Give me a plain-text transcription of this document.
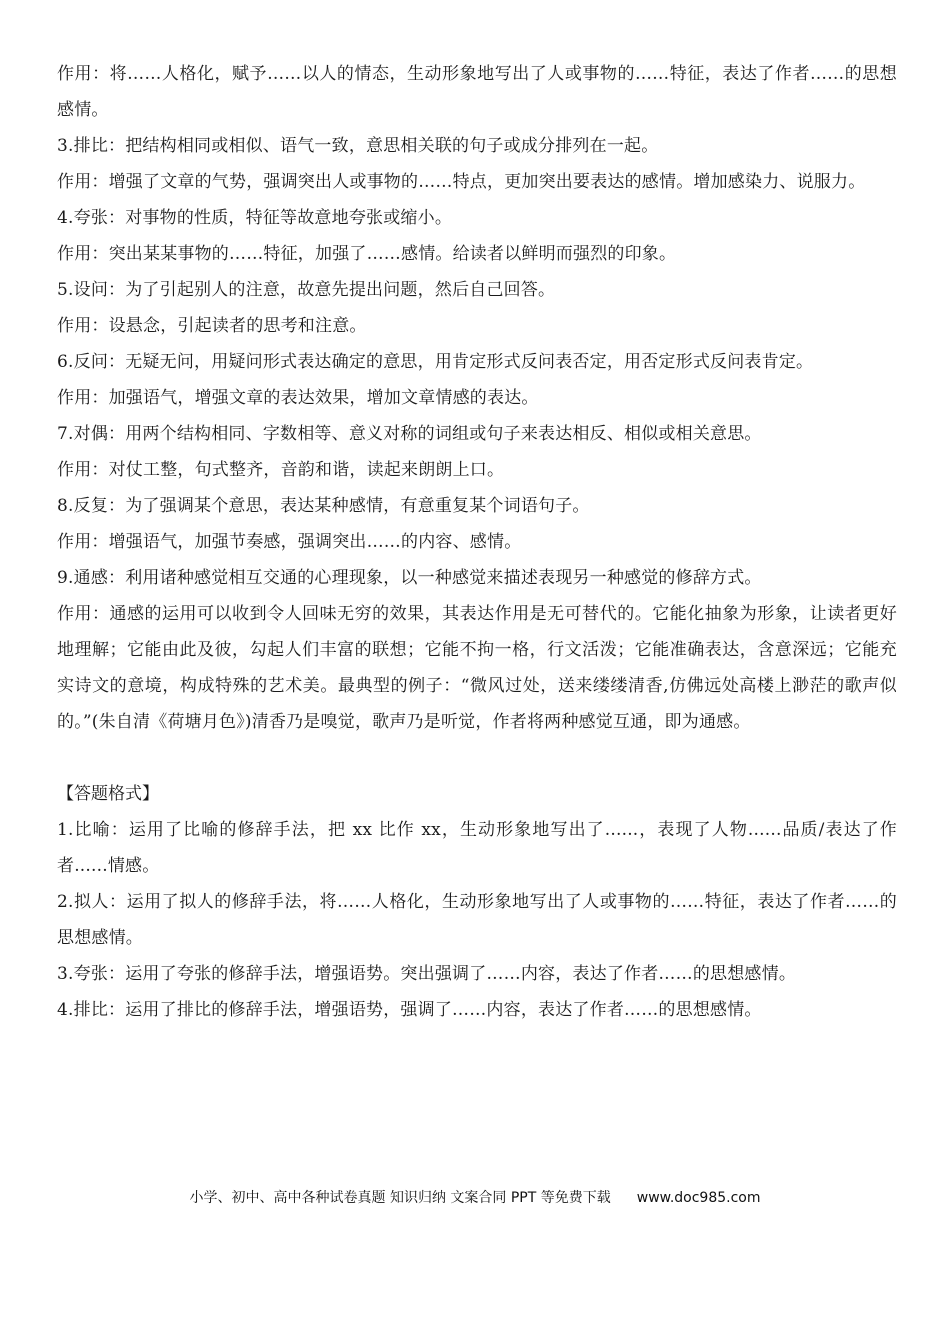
作用：将……人格化，赋予……以人的情态，生动形象地写出了人或事物的……特征，表达了作者……的思想感情。

3.排比：把结构相同或相似、语气一致，意思相关联的句子或成分排列在一起。

作用：增强了文章的气势，强调突出人或事物的……特点，更加突出要表达的感情。增加感染力、说服力。

4.夸张：对事物的性质，特征等故意地夸张或缩小。

作用：突出某某事物的……特征，加强了……感情。给读者以鲜明而强烈的印象。

5.设问：为了引起别人的注意，故意先提出问题，然后自己回答。

作用：设悬念，引起读者的思考和注意。

6.反问：无疑无问，用疑问形式表达确定的意思，用肯定形式反问表否定，用否定形式反问表肯定。

作用：加强语气，增强文章的表达效果，增加文章情感的表达。

7.对偶：用两个结构相同、字数相等、意义对称的词组或句子来表达相反、相似或相关意思。

作用：对仗工整，句式整齐，音韵和谐，读起来朗朗上口。

8.反复：为了强调某个意思，表达某种感情，有意重复某个词语句子。

作用：增强语气，加强节奏感，强调突出……的内容、感情。

9.通感：利用诸种感觉相互交通的心理现象，以一种感觉来描述表现另一种感觉的修辞方式。

作用：通感的运用可以收到令人回味无穷的效果，其表达作用是无可替代的。它能化抽象为形象，让读者更好地理解；它能由此及彼，勾起人们丰富的联想；它能不拘一格，行文活泼；它能准确表达，含意深远；它能充实诗文的意境，构成特殊的艺术美。最典型的例子：“微风过处，送来缕缕清香,仿佛远处高楼上渺茫的歌声似的。”(朱自清《荷塘月色》)清香乃是嗅觉，歌声乃是听觉，作者将两种感觉互通，即为通感。

【答题格式】

1.比喻：运用了比喻的修辞手法，把 xx 比作 xx，生动形象地写出了......，表现了人物......品质/表达了作者......情感。

2.拟人：运用了拟人的修辞手法，将……人格化，生动形象地写出了人或事物的……特征，表达了作者……的思想感情。

3.夸张：运用了夸张的修辞手法，增强语势。突出强调了……内容，表达了作者……的思想感情。

4.排比：运用了排比的修辞手法，增强语势，强调了……内容，表达了作者……的思想感情。

小学、初中、高中各种试卷真题 知识归纳 文案合同 PPT 等免费下载 www.doc985.com
